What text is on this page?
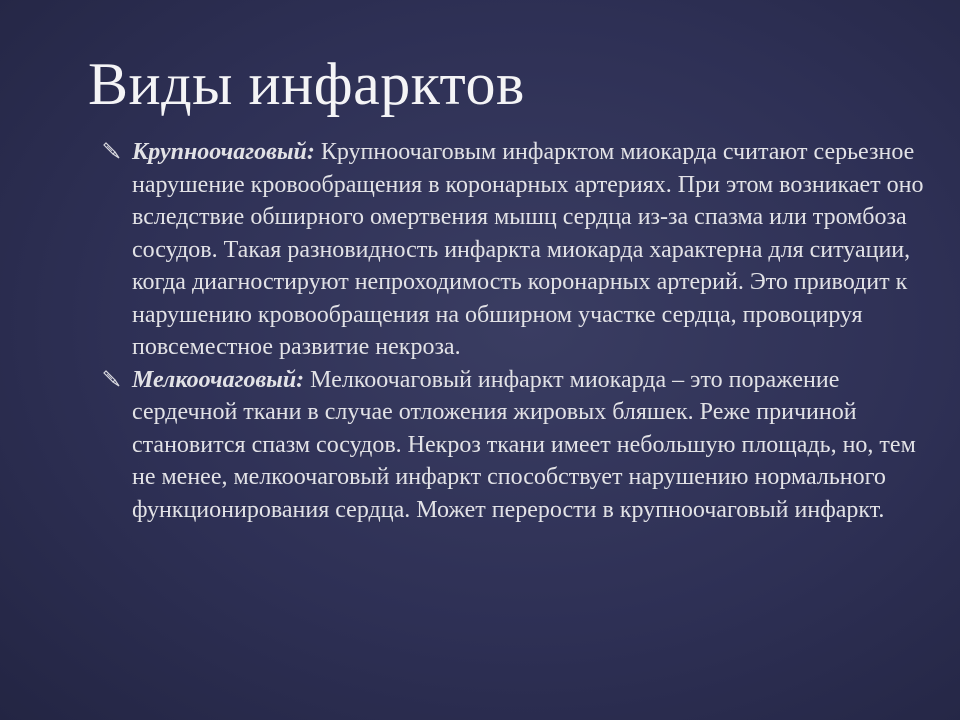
Виды инфарктов
Крупноочаговый: Крупноочаговым инфарктом миокарда считают серьезное нарушение кровообращения в коронарных артериях. При этом возникает оно вследствие обширного омертвения мышц сердца из-за спазма или тромбоза сосудов. Такая разновидность инфаркта миокарда характерна для ситуации, когда диагностируют непроходимость коронарных артерий. Это приводит к нарушению кровообращения на обширном участке сердца, провоцируя повсеместное развитие некроза.
Мелкоочаговый: Мелкоочаговый инфаркт миокарда – это поражение сердечной ткани в случае отложения жировых бляшек. Реже причиной становится спазм сосудов. Некроз ткани имеет небольшую площадь, но, тем не менее, мелкоочаговый инфаркт способствует нарушению нормального функционирования сердца. Может перерости в крупноочаговый инфаркт.
